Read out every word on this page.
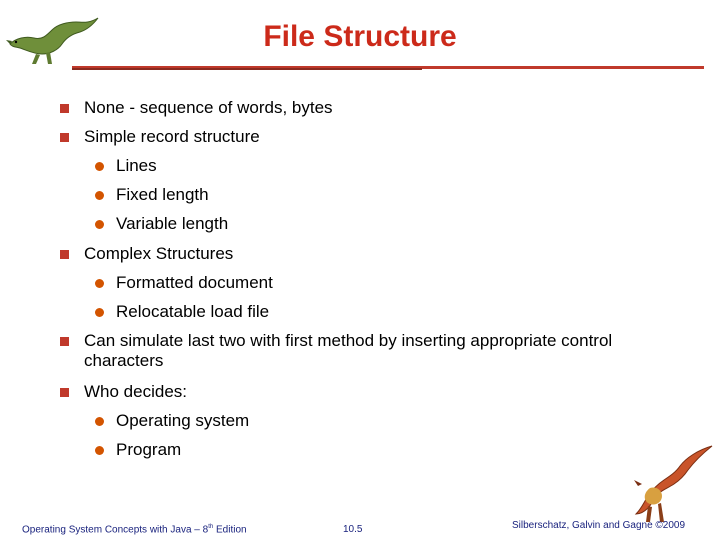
File Structure
None - sequence of words, bytes
Simple record structure
Lines
Fixed length
Variable length
Complex Structures
Formatted document
Relocatable load file
Can simulate last two with first method by inserting appropriate control characters
Who decides:
Operating system
Program
Operating System Concepts with Java – 8th Edition	10.5	Silberschatz, Galvin and Gagne ©2009
